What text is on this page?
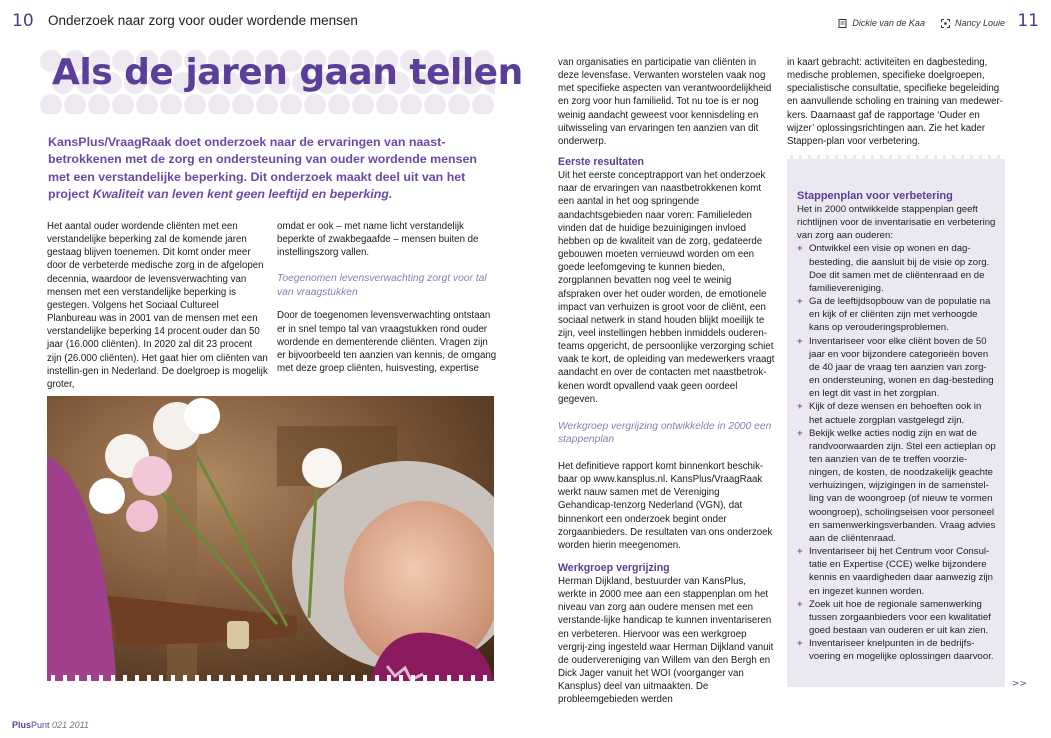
10 Onderzoek naar zorg voor ouder wordende mensen	Dickie van de Kaa	Nancy Louie 11
Als de jaren gaan tellen
KansPlus/VraagRaak doet onderzoek naar de ervaringen van naast-betrokkenen met de zorg en ondersteuning van ouder wordende mensen met een verstandelijke beperking. Dit onderzoek maakt deel uit van het project Kwaliteit van leven kent geen leeftijd en beperking.

Het aantal ouder wordende cliënten met een verstandelijke beperking zal de komende jaren gestaag blijven toenemen. Dit komt onder meer door de verbeterde medische zorg in de afgelopen decennia, waardoor de levensverwachting van mensen met een verstandelijke beperking is gestegen. Volgens het Sociaal Cultureel Planbureau was in 2001 van de mensen met een verstandelijke beperking 14 procent ouder dan 50 jaar (16.000 cliënten). In 2020 zal dit 23 procent zijn (26.000 cliënten). Het gaat hier om cliënten van instellin-gen in Nederland. De doelgroep is mogelijk groter,

omdat er ook – met name licht verstandelijk beperkte of zwakbegaafde – mensen buiten de instellingszorg vallen.

Toegenomen levensverwachting zorgt voor tal van vraagstukken

Door de toegenomen levensverwachting ontstaan er in snel tempo tal van vraagstukken rond ouder wordende en dementerende cliënten. Vragen zijn er bijvoorbeeld ten aanzien van kennis, de omgang met deze groep cliënten, huisvesting, expertise

van organisaties en participatie van cliënten in deze levensfase. Verwanten worstelen vaak nog met specifieke aspecten van verantwoordelijkheid en zorg voor hun familielid. Tot nu toe is er nog weinig aandacht geweest voor kennisdeling en uitwisseling van ervaringen ten aanzien van dit onderwerp.

Eerste resultaten

Uit het eerste conceptrapport van het onderzoek naar de ervaringen van naastbetrokkenen komt een aantal in het oog springende aandachtsgebieden naar voren: Familieleden vinden dat de huidige bezuinigingen invloed hebben op de kwaliteit van de zorg, gedateerde gebouwen moeten vernieuwd worden om een goede leefomgeving te kunnen bieden, zorgplannen bevatten nog veel te weinig afspraken over het ouder worden, de emotionele impact van verhuizen is groot voor de cliënt, een sociaal netwerk in stand houden blijkt moeilijk te zijn, veel instellingen hebben inmiddels ouderen-teams opgericht, de persoonlijke verzorging schiet vaak te kort, de opleiding van medewerkers vraagt aandacht en over de contacten met naastbetrok-kenen wordt opvallend vaak geen oordeel gegeven.

Werkgroep vergrijzing ontwikkelde in 2000 een stappenplan

Het definitieve rapport komt binnenkort beschik-baar op www.kansplus.nl. KansPlus/VraagRaak werkt nauw samen met de Vereniging Gehandicap-tenzorg Nederland (VGN), dat binnenkort een onderzoek begint onder zorgaanbieders. De resultaten van ons onderzoek worden hierin meegenomen.

Werkgroep vergrijzing

Herman Dijkland, bestuurder van KansPlus, werkte in 2000 mee aan een stappenplan om het niveau van zorg aan oudere mensen met een verstande-lijke handicap te kunnen inventariseren en verbeteren. Hiervoor was een werkgroep vergrij-zing ingesteld waar Herman Dijkland vanuit de oudervereniging van Willem van den Bergh en Dick Jager vanuit het WOI (voorganger van Kansplus) deel van uitmaakten. De probleemgebieden werden

in kaart gebracht: activiteiten en dagbesteding, medische problemen, specifieke doelgroepen, specialistische consultatie, specifieke begeleiding en aanvullende scholing en training van medewer-kers. Daarnaast gaf de rapportage ‘Ouder en wijzer’ oplossingsrichtingen aan. Zie het kader Stappen-plan voor verbetering.

Stappenplan voor verbetering
Het in 2000 ontwikkelde stappenplan geeft richtlijnen voor de inventarisatie en verbetering van zorg aan ouderen:
+ Ontwikkel een visie op wonen en dag-besteding, die aansluit bij de visie op zorg. Doe dit samen met de cliëntenraad en de familievereniging.
+ Ga de leeftijdsopbouw van de populatie na en kijk of er cliënten zijn met verhoogde kans op verouderingsproblemen.
+ Inventariseer voor elke cliënt boven de 50 jaar en voor bijzondere categorieën boven de 40 jaar de vraag ten aanzien van zorg- en ondersteuning, wonen en dag-besteding en legt dit vast in het zorgplan.
+ Kijk of deze wensen en behoeften ook in het actuele zorgplan vastgelegd zijn.
+ Bekijk welke acties nodig zijn en wat de randvoorwaarden zijn. Stel een actieplan op ten aanzien van de te treffen voorzie-ningen, de kosten, de noodzakelijk geachte verhuizingen, wijzigingen in de samenstel-ling van de woongroep (of nieuw te vormen woongroep), scholingseisen voor personeel en samenwerkingsverbanden. Vraag advies aan de cliëntenraad.
+ Inventariseer bij het Centrum voor Consul-tatie en Expertise (CCE) welke bijzondere kennis en vaardigheden daar aanwezig zijn en ingezet kunnen worden.
+ Zoek uit hoe de regionale samenwerking tussen zorgaanbieders voor een kwalitatief goed bestaan van ouderen er uit kan zien.
+ Inventariseer knelpunten in de bedrijfs-voering en mogelijke oplossingen daarvoor.
PlusPunt 021 2011
>>
